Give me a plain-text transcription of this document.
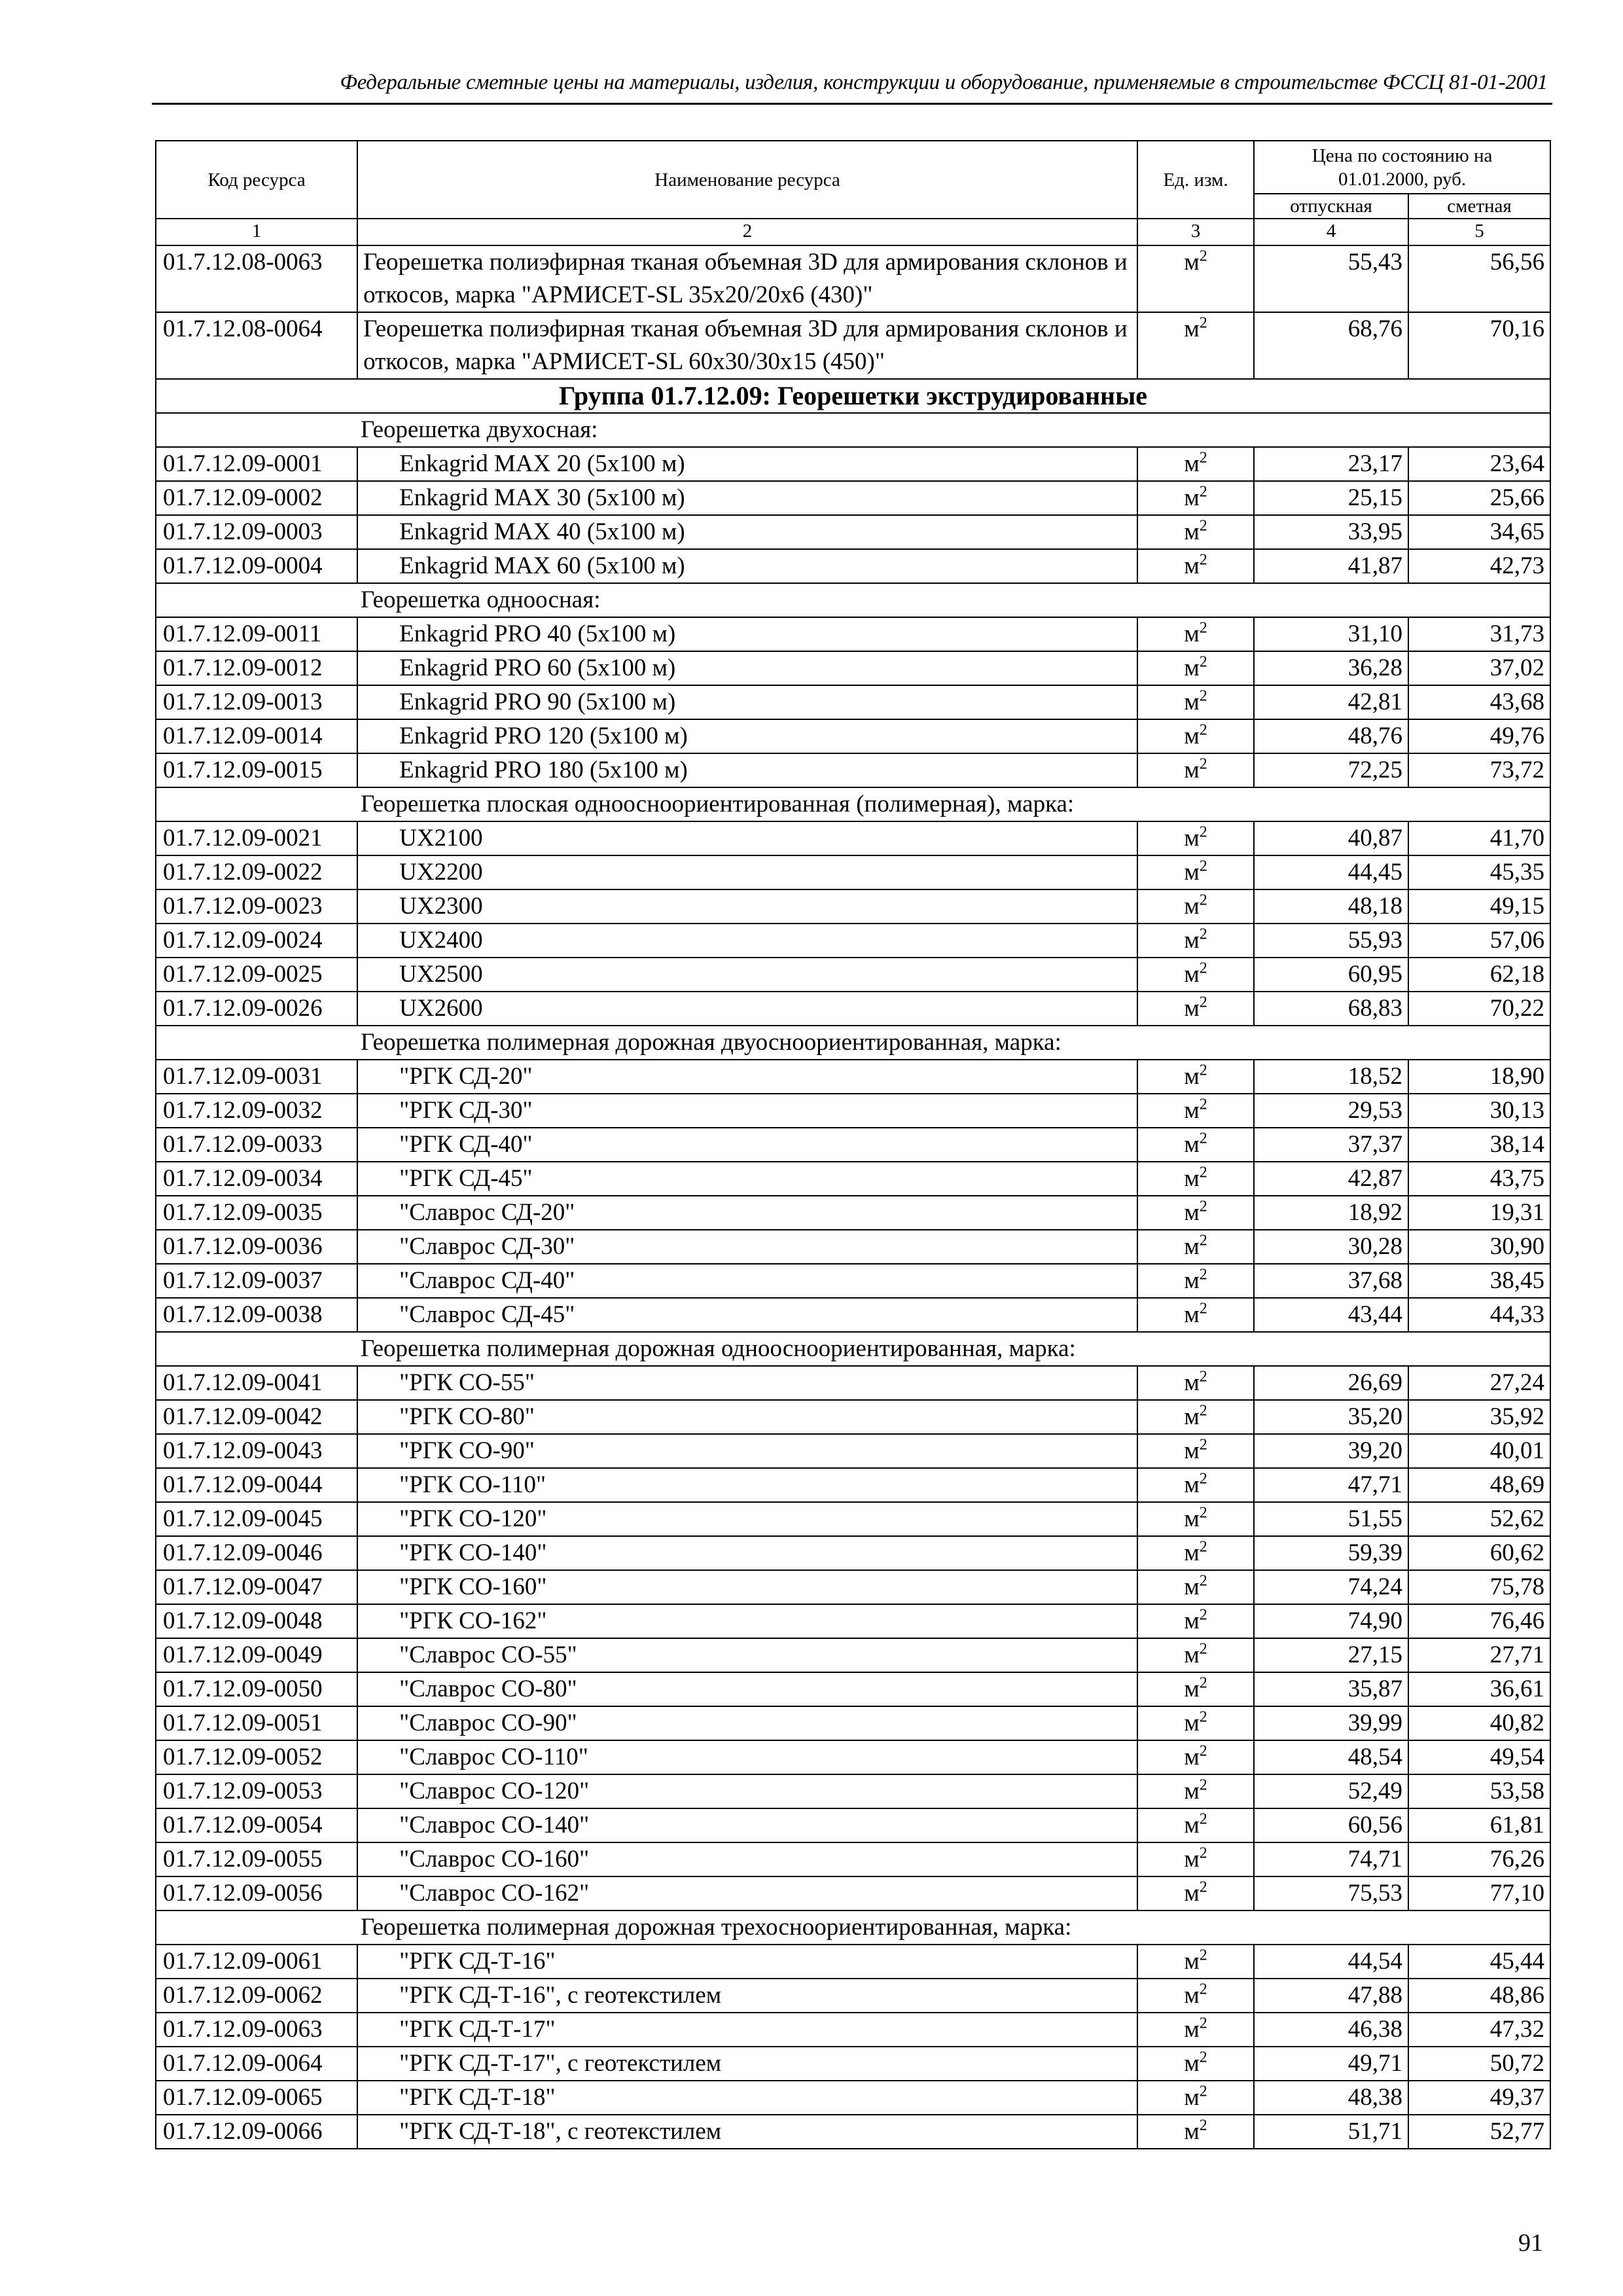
Федеральные сметные цены на материалы, изделия, конструкции и оборудование, применяемые в строительстве ФССЦ 81-01-2001
Код ресурса	Наименование ресурса	Ед. изм.	Цена по состоянию на 01.01.2000, руб.	
			отпускная	сметная
1	2	3	4	5
01.7.12.08-0063	Георешетка полиэфирная тканая объемная 3D для армирования склонов и откосов, марка "АРМИСЕТ-SL 35x20/20x6 (430)"	$м^2$	55,43	56,56
01.7.12.08-0064	Георешетка полиэфирная тканая объемная 3D для армирования склонов и откосов, марка "АРМИСЕТ-SL 60x30/30x15 (450)"	$м^2$	68,76	70,16
Группа 01.7.12.09: Георешетки экструдированные				
Георешетка двухосная:				
01.7.12.09-0001	Enkagrid MAX 20 (5x100 м)	$м^2$	23,17	23,64
01.7.12.09-0002	Enkagrid MAX 30 (5x100 м)	$м^2$	25,15	25,66
01.7.12.09-0003	Enkagrid MAX 40 (5x100 м)	$м^2$	33,95	34,65
01.7.12.09-0004	Enkagrid MAX 60 (5x100 м)	$м^2$	41,87	42,73
Георешетка одноосная:				
01.7.12.09-0011	Enkagrid PRO 40 (5x100 м)	$м^2$	31,10	31,73
01.7.12.09-0012	Enkagrid PRO 60 (5x100 м)	$м^2$	36,28	37,02
01.7.12.09-0013	Enkagrid PRO 90 (5x100 м)	$м^2$	42,81	43,68
01.7.12.09-0014	Enkagrid PRO 120 (5x100 м)	$м^2$	48,76	49,76
01.7.12.09-0015	Enkagrid PRO 180 (5x100 м)	$м^2$	72,25	73,72
Георешетка плоская одноосноориентированная (полимерная), марка:				
01.7.12.09-0021	UX2100	$м^2$	40,87	41,70
01.7.12.09-0022	UX2200	$м^2$	44,45	45,35
01.7.12.09-0023	UX2300	$м^2$	48,18	49,15
01.7.12.09-0024	UX2400	$м^2$	55,93	57,06
01.7.12.09-0025	UX2500	$м^2$	60,95	62,18
01.7.12.09-0026	UX2600	$м^2$	68,83	70,22
Георешетка полимерная дорожная двуосноориентированная, марка:				
01.7.12.09-0031	"РГК СД-20"	$м^2$	18,52	18,90
01.7.12.09-0032	"РГК СД-30"	$м^2$	29,53	30,13
01.7.12.09-0033	"РГК СД-40"	$м^2$	37,37	38,14
01.7.12.09-0034	"РГК СД-45"	$м^2$	42,87	43,75
01.7.12.09-0035	"Славрос СД-20"	$м^2$	18,92	19,31
01.7.12.09-0036	"Славрос СД-30"	$м^2$	30,28	30,90
01.7.12.09-0037	"Славрос СД-40"	$м^2$	37,68	38,45
01.7.12.09-0038	"Славрос СД-45"	$м^2$	43,44	44,33
Георешетка полимерная дорожная одноосноориентированная, марка:				
01.7.12.09-0041	"РГК СО-55"	$м^2$	26,69	27,24
01.7.12.09-0042	"РГК СО-80"	$м^2$	35,20	35,92
01.7.12.09-0043	"РГК СО-90"	$м^2$	39,20	40,01
01.7.12.09-0044	"РГК СО-110"	$м^2$	47,71	48,69
01.7.12.09-0045	"РГК СО-120"	$м^2$	51,55	52,62
01.7.12.09-0046	"РГК СО-140"	$м^2$	59,39	60,62
01.7.12.09-0047	"РГК СО-160"	$м^2$	74,24	75,78
01.7.12.09-0048	"РГК СО-162"	$м^2$	74,90	76,46
01.7.12.09-0049	"Славрос СО-55"	$м^2$	27,15	27,71
01.7.12.09-0050	"Славрос СО-80"	$м^2$	35,87	36,61
01.7.12.09-0051	"Славрос СО-90"	$м^2$	39,99	40,82
01.7.12.09-0052	"Славрос СО-110"	$м^2$	48,54	49,54
01.7.12.09-0053	"Славрос СО-120"	$м^2$	52,49	53,58
01.7.12.09-0054	"Славрос СО-140"	$м^2$	60,56	61,81
01.7.12.09-0055	"Славрос СО-160"	$м^2$	74,71	76,26
01.7.12.09-0056	"Славрос СО-162"	$м^2$	75,53	77,10
Георешетка полимерная дорожная трехосноориентированная, марка:				
01.7.12.09-0061	"РГК СД-Т-16"	$м^2$	44,54	45,44
01.7.12.09-0062	"РГК СД-Т-16", с геотекстилем	$м^2$	47,88	48,86
01.7.12.09-0063	"РГК СД-Т-17"	$м^2$	46,38	47,32
01.7.12.09-0064	"РГК СД-Т-17", с геотекстилем	$м^2$	49,71	50,72
01.7.12.09-0065	"РГК СД-Т-18"	$м^2$	48,38	49,37
01.7.12.09-0066	"РГК СД-Т-18", с геотекстилем	$м^2$	51,71	52,77
91
